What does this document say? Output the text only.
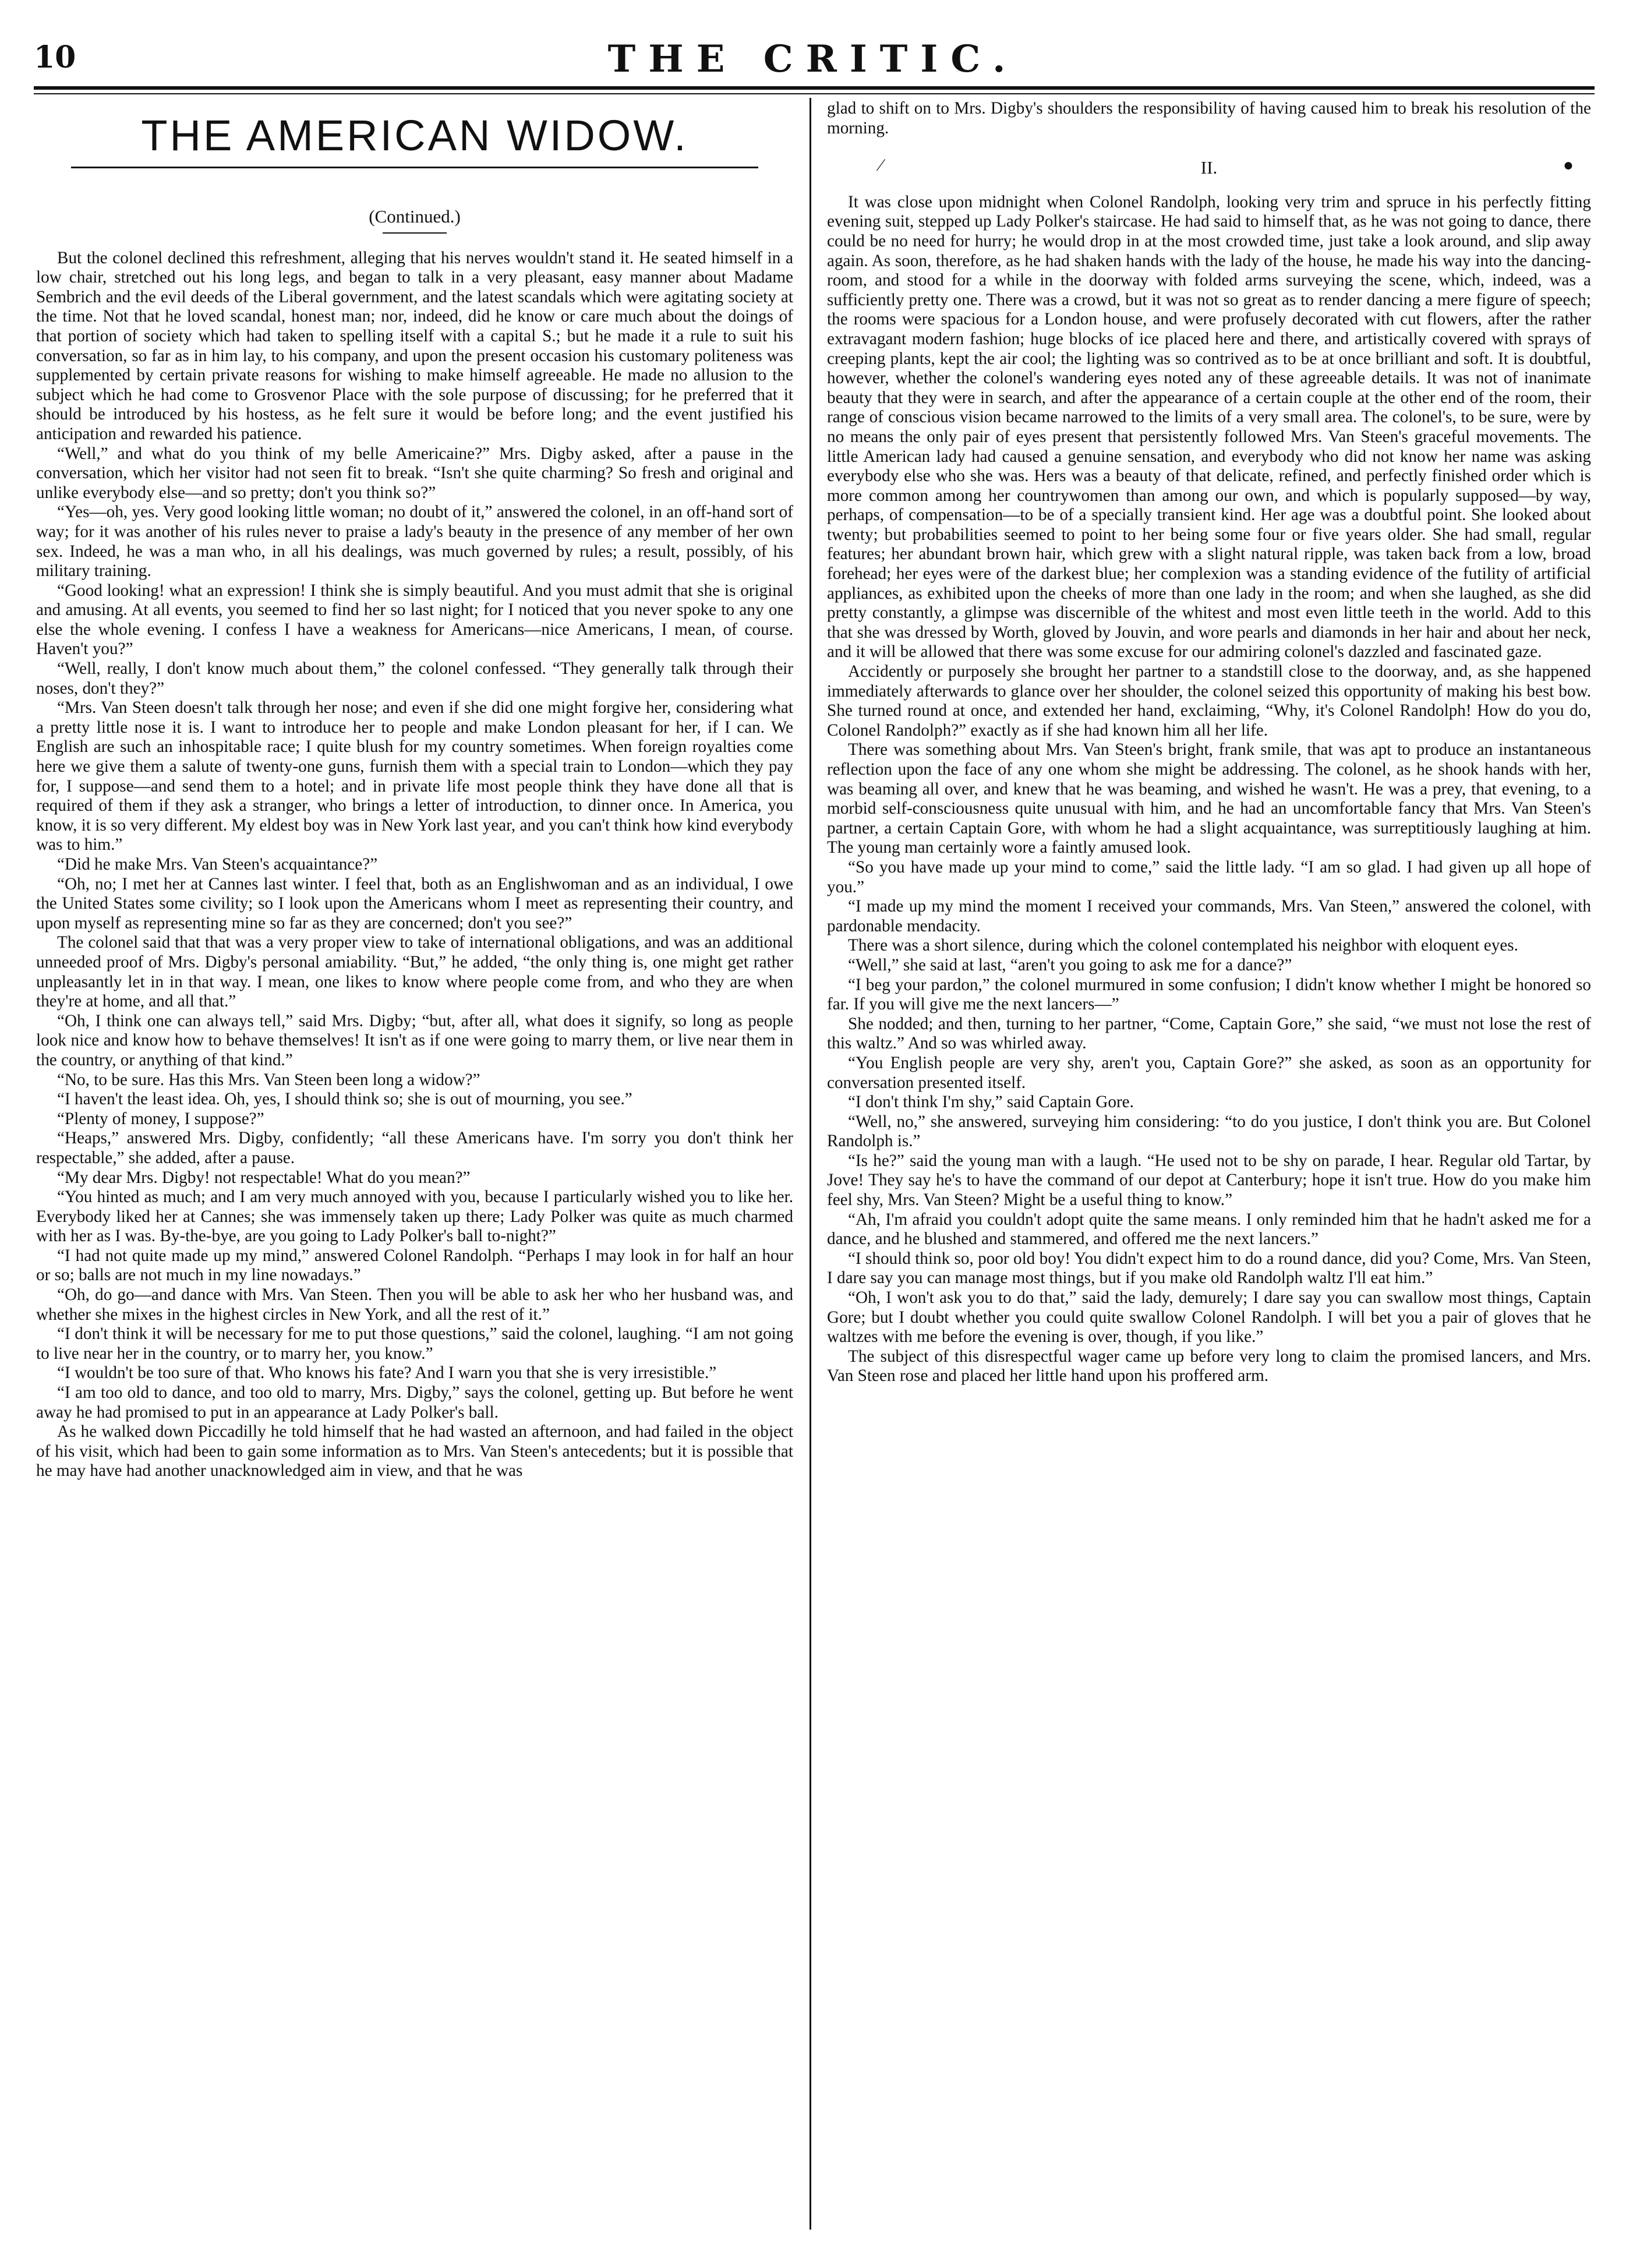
10	THE CRITIC.
THE AMERICAN WIDOW.
(Continued.)

But the colonel declined this refreshment, alleging that his nerves wouldn't stand it. He seated himself in a low chair, stretched out his long legs, and began to talk in a very pleasant, easy manner about Madame Sembrich and the evil deeds of the Liberal government, and the latest scandals which were agitating society at the time. Not that he loved scandal, honest man; nor, indeed, did he know or care much about the doings of that portion of society which had taken to spelling itself with a capital S.; but he made it a rule to suit his conversation, so far as in him lay, to his company, and upon the present occasion his customary politeness was supplemented by certain private reasons for wishing to make himself agreeable. He made no allusion to the subject which he had come to Grosvenor Place with the sole purpose of discussing; for he preferred that it should be introduced by his hostess, as he felt sure it would be before long; and the event justified his anticipation and rewarded his patience.

“Well,” and what do you think of my belle Americaine?” Mrs. Digby asked, after a pause in the conversation, which her visitor had not seen fit to break. “Isn't she quite charming? So fresh and original and unlike everybody else—and so pretty; don't you think so?”

“Yes—oh, yes. Very good looking little woman; no doubt of it,” answered the colonel, in an off-hand sort of way; for it was another of his rules never to praise a lady's beauty in the presence of any member of her own sex. Indeed, he was a man who, in all his dealings, was much governed by rules; a result, possibly, of his military training.

“Good looking! what an expression! I think she is simply beautiful. And you must admit that she is original and amusing. At all events, you seemed to find her so last night; for I noticed that you never spoke to any one else the whole evening. I confess I have a weakness for Americans—nice Americans, I mean, of course. Haven't you?”

“Well, really, I don't know much about them,” the colonel confessed. “They generally talk through their noses, don't they?”

“Mrs. Van Steen doesn't talk through her nose; and even if she did one might forgive her, considering what a pretty little nose it is. I want to introduce her to people and make London pleasant for her, if I can. We English are such an inhospitable race; I quite blush for my country sometimes. When foreign royalties come here we give them a salute of twenty-one guns, furnish them with a special train to London—which they pay for, I suppose—and send them to a hotel; and in private life most people think they have done all that is required of them if they ask a stranger, who brings a letter of introduction, to dinner once. In America, you know, it is so very different. My eldest boy was in New York last year, and you can't think how kind everybody was to him.”

“Did he make Mrs. Van Steen's acquaintance?”

“Oh, no; I met her at Cannes last winter. I feel that, both as an Englishwoman and as an individual, I owe the United States some civility; so I look upon the Americans whom I meet as representing their country, and upon myself as representing mine so far as they are concerned; don't you see?”

The colonel said that that was a very proper view to take of international obligations, and was an additional unneeded proof of Mrs. Digby's personal amiability. “But,” he added, “the only thing is, one might get rather unpleasantly let in in that way. I mean, one likes to know where people come from, and who they are when they're at home, and all that.”

“Oh, I think one can always tell,” said Mrs. Digby; “but, after all, what does it signify, so long as people look nice and know how to behave themselves! It isn't as if one were going to marry them, or live near them in the country, or anything of that kind.”

“No, to be sure. Has this Mrs. Van Steen been long a widow?”

“I haven't the least idea. Oh, yes, I should think so; she is out of mourning, you see.”

“Plenty of money, I suppose?”

“Heaps,” answered Mrs. Digby, confidently; “all these Americans have. I'm sorry you don't think her respectable,” she added, after a pause.

“My dear Mrs. Digby! not respectable! What do you mean?”

“You hinted as much; and I am very much annoyed with you, because I particularly wished you to like her. Everybody liked her at Cannes; she was immensely taken up there; Lady Polker was quite as much charmed with her as I was. By-the-bye, are you going to Lady Polker's ball to-night?”

“I had not quite made up my mind,” answered Colonel Randolph. “Perhaps I may look in for half an hour or so; balls are not much in my line nowadays.”

“Oh, do go—and dance with Mrs. Van Steen. Then you will be able to ask her who her husband was, and whether she mixes in the highest circles in New York, and all the rest of it.”

“I don't think it will be necessary for me to put those questions,” said the colonel, laughing. “I am not going to live near her in the country, or to marry her, you know.”

“I wouldn't be too sure of that. Who knows his fate? And I warn you that she is very irresistible.”

“I am too old to dance, and too old to marry, Mrs. Digby,” says the colonel, getting up. But before he went away he had promised to put in an appearance at Lady Polker's ball.

As he walked down Piccadilly he told himself that he had wasted an afternoon, and had failed in the object of his visit, which had been to gain some information as to Mrs. Van Steen's antecedents; but it is possible that he may have had another unacknowledged aim in view, and that he was

glad to shift on to Mrs. Digby's shoulders the responsibility of having caused him to break his resolution of the morning.

⁄	II.	●

It was close upon midnight when Colonel Randolph, looking very trim and spruce in his perfectly fitting evening suit, stepped up Lady Polker's staircase. He had said to himself that, as he was not going to dance, there could be no need for hurry; he would drop in at the most crowded time, just take a look around, and slip away again. As soon, therefore, as he had shaken hands with the lady of the house, he made his way into the dancing-room, and stood for a while in the doorway with folded arms surveying the scene, which, indeed, was a sufficiently pretty one. There was a crowd, but it was not so great as to render dancing a mere figure of speech; the rooms were spacious for a London house, and were profusely decorated with cut flowers, after the rather extravagant modern fashion; huge blocks of ice placed here and there, and artistically covered with sprays of creeping plants, kept the air cool; the lighting was so contrived as to be at once brilliant and soft. It is doubtful, however, whether the colonel's wandering eyes noted any of these agreeable details. It was not of inanimate beauty that they were in search, and after the appearance of a certain couple at the other end of the room, their range of conscious vision became narrowed to the limits of a very small area. The colonel's, to be sure, were by no means the only pair of eyes present that persistently followed Mrs. Van Steen's graceful movements. The little American lady had caused a genuine sensation, and everybody who did not know her name was asking everybody else who she was. Hers was a beauty of that delicate, refined, and perfectly finished order which is more common among her countrywomen than among our own, and which is popularly supposed—by way, perhaps, of compensation—to be of a specially transient kind. Her age was a doubtful point. She looked about twenty; but probabilities seemed to point to her being some four or five years older. She had small, regular features; her abundant brown hair, which grew with a slight natural ripple, was taken back from a low, broad forehead; her eyes were of the darkest blue; her complexion was a standing evidence of the futility of artificial appliances, as exhibited upon the cheeks of more than one lady in the room; and when she laughed, as she did pretty constantly, a glimpse was discernible of the whitest and most even little teeth in the world. Add to this that she was dressed by Worth, gloved by Jouvin, and wore pearls and diamonds in her hair and about her neck, and it will be allowed that there was some excuse for our admiring colonel's dazzled and fascinated gaze.

Accidently or purposely she brought her partner to a standstill close to the doorway, and, as she happened immediately afterwards to glance over her shoulder, the colonel seized this opportunity of making his best bow. She turned round at once, and extended her hand, exclaiming, “Why, it's Colonel Randolph! How do you do, Colonel Randolph?” exactly as if she had known him all her life.

There was something about Mrs. Van Steen's bright, frank smile, that was apt to produce an instantaneous reflection upon the face of any one whom she might be addressing. The colonel, as he shook hands with her, was beaming all over, and knew that he was beaming, and wished he wasn't. He was a prey, that evening, to a morbid self-consciousness quite unusual with him, and he had an uncomfortable fancy that Mrs. Van Steen's partner, a certain Captain Gore, with whom he had a slight acquaintance, was surreptitiously laughing at him. The young man certainly wore a faintly amused look.

“So you have made up your mind to come,” said the little lady. “I am so glad. I had given up all hope of you.”

“I made up my mind the moment I received your commands, Mrs. Van Steen,” answered the colonel, with pardonable mendacity.

There was a short silence, during which the colonel contemplated his neighbor with eloquent eyes.

“Well,” she said at last, “aren't you going to ask me for a dance?”

“I beg your pardon,” the colonel murmured in some confusion; I didn't know whether I might be honored so far. If you will give me the next lancers—”

She nodded; and then, turning to her partner, “Come, Captain Gore,” she said, “we must not lose the rest of this waltz.” And so was whirled away.

“You English people are very shy, aren't you, Captain Gore?” she asked, as soon as an opportunity for conversation presented itself.

“I don't think I'm shy,” said Captain Gore.

“Well, no,” she answered, surveying him considering: “to do you justice, I don't think you are. But Colonel Randolph is.”

“Is he?” said the young man with a laugh. “He used not to be shy on parade, I hear. Regular old Tartar, by Jove! They say he's to have the command of our depot at Canterbury; hope it isn't true. How do you make him feel shy, Mrs. Van Steen? Might be a useful thing to know.”

“Ah, I'm afraid you couldn't adopt quite the same means. I only reminded him that he hadn't asked me for a dance, and he blushed and stammered, and offered me the next lancers.”

“I should think so, poor old boy! You didn't expect him to do a round dance, did you? Come, Mrs. Van Steen, I dare say you can manage most things, but if you make old Randolph waltz I'll eat him.”

“Oh, I won't ask you to do that,” said the lady, demurely; I dare say you can swallow most things, Captain Gore; but I doubt whether you could quite swallow Colonel Randolph. I will bet you a pair of gloves that he waltzes with me before the evening is over, though, if you like.”

The subject of this disrespectful wager came up before very long to claim the promised lancers, and Mrs. Van Steen rose and placed her little hand upon his proffered arm.
